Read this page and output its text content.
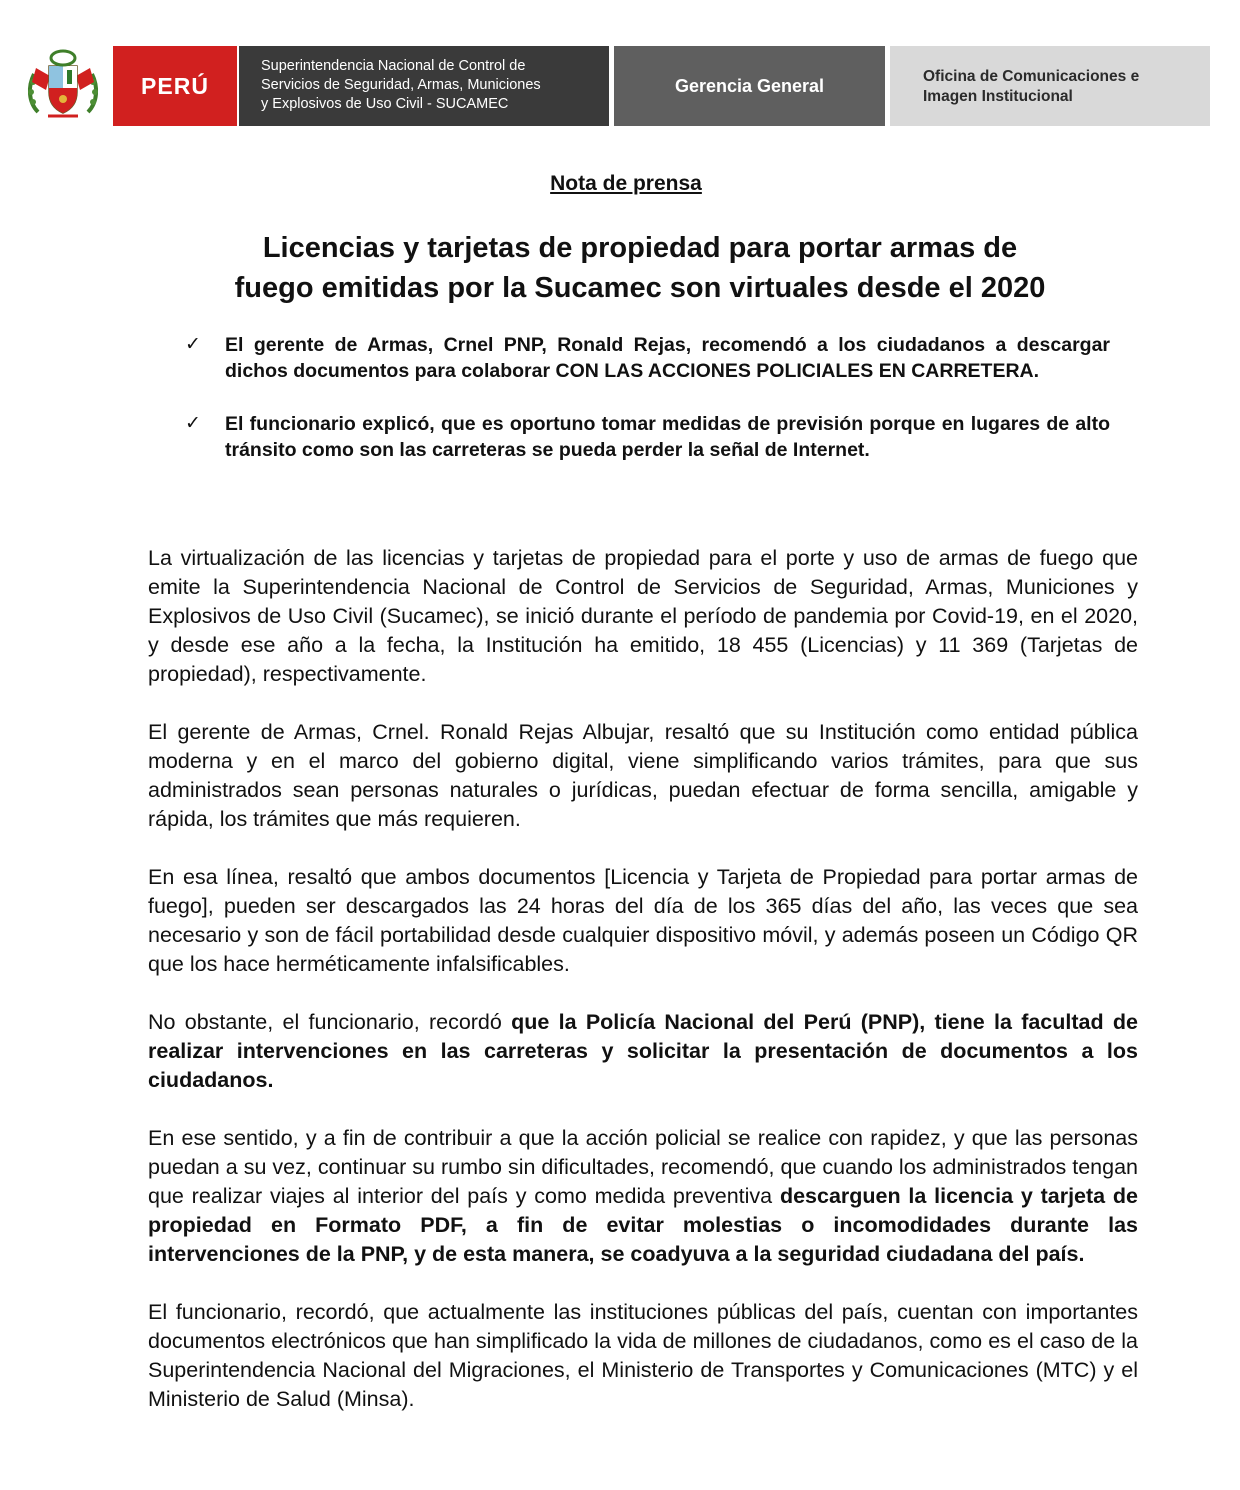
PERÚ
Superintendencia Nacional de Control de
Servicios de Seguridad, Armas, Municiones
y Explosivos de Uso Civil - SUCAMEC
Gerencia General	Oficina de Comunicaciones e
Imagen Institucional
Nota de prensa
Licencias y tarjetas de propiedad para portar armas de
fuego emitidas por la Sucamec son virtuales desde el 2020
✓ El gerente de Armas, Crnel PNP, Ronald Rejas, recomendó a los ciudadanos a descargar dichos documentos para colaborar CON LAS ACCIONES POLICIALES EN CARRETERA.
✓ El funcionario explicó, que es oportuno tomar medidas de previsión porque en lugares de alto tránsito como son las carreteras se pueda perder la señal de Internet.

La virtualización de las licencias y tarjetas de propiedad para el porte y uso de armas de fuego que emite la Superintendencia Nacional de Control de Servicios de Seguridad, Armas, Municiones y Explosivos de Uso Civil (Sucamec), se inició durante el período de pandemia por Covid-19, en el 2020, y desde ese año a la fecha, la Institución ha emitido, 18 455 (Licencias) y 11 369 (Tarjetas de propiedad), respectivamente.

El gerente de Armas, Crnel. Ronald Rejas Albujar, resaltó que su Institución como entidad pública moderna y en el marco del gobierno digital, viene simplificando varios trámites, para que sus administrados sean personas naturales o jurídicas, puedan efectuar de forma sencilla, amigable y rápida, los trámites que más requieren.

En esa línea, resaltó que ambos documentos [Licencia y Tarjeta de Propiedad para portar armas de fuego], pueden ser descargados las 24 horas del día de los 365 días del año, las veces que sea necesario y son de fácil portabilidad desde cualquier dispositivo móvil, y además poseen un Código QR que los hace herméticamente infalsificables.

No obstante, el funcionario, recordó que la Policía Nacional del Perú (PNP), tiene la facultad de realizar intervenciones en las carreteras y solicitar la presentación de documentos a los ciudadanos.

En ese sentido, y a fin de contribuir a que la acción policial se realice con rapidez, y que las personas puedan a su vez, continuar su rumbo sin dificultades, recomendó, que cuando los administrados tengan que realizar viajes al interior del país y como medida preventiva descarguen la licencia y tarjeta de propiedad en Formato PDF, a fin de evitar molestias o incomodidades durante las intervenciones de la PNP, y de esta manera, se coadyuva a la seguridad ciudadana del país.

El funcionario, recordó, que actualmente las instituciones públicas del país, cuentan con importantes documentos electrónicos que han simplificado la vida de millones de ciudadanos, como es el caso de la Superintendencia Nacional del Migraciones, el Ministerio de Transportes y Comunicaciones (MTC) y el Ministerio de Salud (Minsa).
